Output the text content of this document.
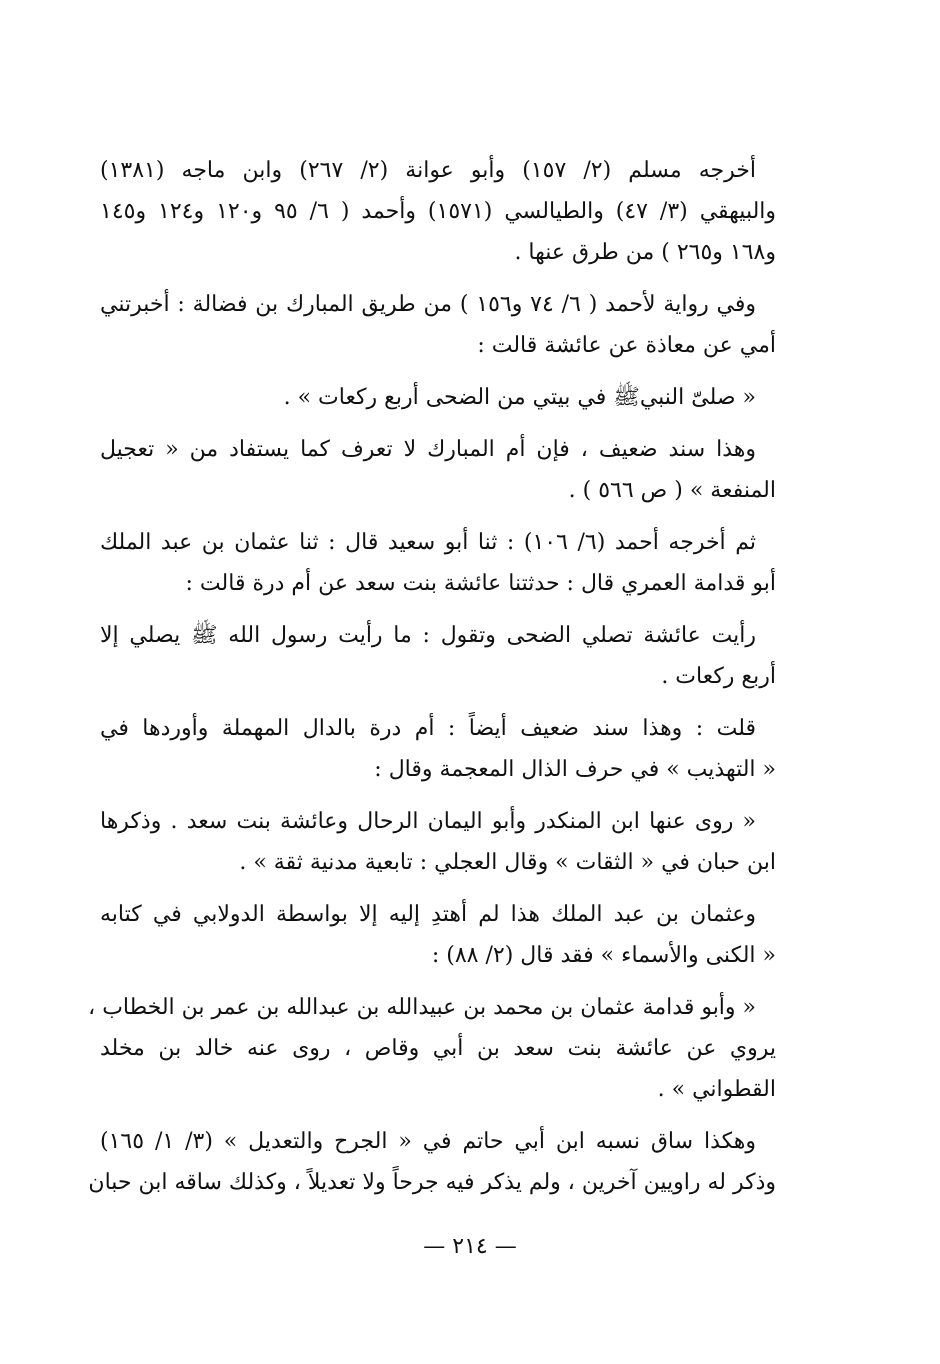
أخرجه مسلم (٢/ ١٥٧) وأبو عوانة (٢/ ٢٦٧) وابن ماجه (١٣٨١)
والبيهقي (٣/ ٤٧) والطيالسي (١٥٧١) وأحمد ( ٦/ ٩٥ و١٢٠ و١٢٤ و١٤٥
و١٦٨ و٢٦٥ ) من طرق عنها .
وفي رواية لأحمد ( ٦/ ٧٤ و١٥٦ ) من طريق المبارك بن فضالة : أخبرتني
أمي عن معاذة عن عائشة قالت :
« صلىّ النبيﷺ في بيتي من الضحى أربع ركعات » .
وهذا سند ضعيف ، فإن أم المبارك لا تعرف كما يستفاد من « تعجيل
المنفعة » ( ص ٥٦٦ ) .
ثم أخرجه أحمد (٦/ ١٠٦) : ثنا أبو سعيد قال : ثنا عثمان بن عبد الملك
أبو قدامة العمري قال : حدثتنا عائشة بنت سعد عن أم درة قالت :
رأيت عائشة تصلي الضحى وتقول : ما رأيت رسول الله ﷺ يصلي إلا
أربع ركعات .
قلت : وهذا سند ضعيف أيضاً : أم درة بالدال المهملة وأوردها في
« التهذيب » في حرف الذال المعجمة وقال :
« روى عنها ابن المنكدر وأبو اليمان الرحال وعائشة بنت سعد . وذكرها
ابن حبان في « الثقات » وقال العجلي : تابعية مدنية ثقة » .
وعثمان بن عبد الملك هذا لم أهتدِ إليه إلا بواسطة الدولابي في كتابه
« الكنى والأسماء » فقد قال (٢/ ٨٨) :
« وأبو قدامة عثمان بن محمد بن عبيدالله بن عبدالله بن عمر بن الخطاب ،
يروي عن عائشة بنت سعد بن أبي وقاص ، روى عنه خالد بن مخلد
القطواني » .
وهكذا ساق نسبه ابن أبي حاتم في « الجرح والتعديل » (٣/ ١/ ١٦٥)
وذكر له راويين آخرين ، ولم يذكر فيه جرحاً ولا تعديلاً ، وكذلك ساقه ابن حبان
— ٢١٤ —
